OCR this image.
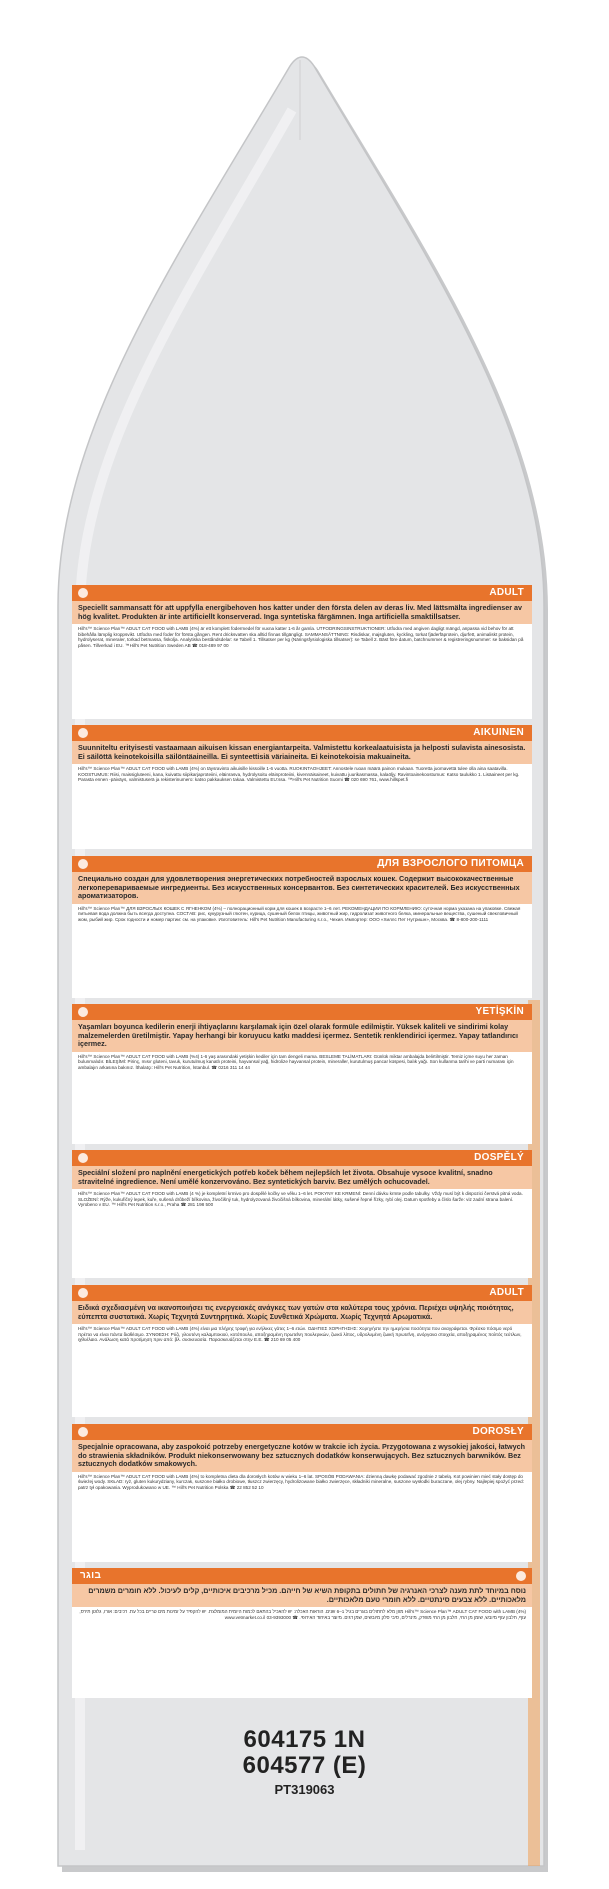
ADULT
Speciellt sammansatt för att uppfylla energibehoven hos katter under den första delen av deras liv. Med lättsmälta ingredienser av hög kvalitet. Produkten är inte artificiellt konserverad. Inga syntetiska färgämnen. Inga artificiella smaktillsatser.
Hill's™ Science Plan™ ADULT CAT FOOD with LAMB (4%) är ett komplett fodermedel för vuxna katter 1-6 år gamla. UTFODRINGSINSTRUKTIONER: Utfodra med angiven dagligt mängd, anpassa vid behov för att bibehålla lämplig kroppsvikt. Utfodra med foder för första gången. Rent dricksvatten ska alltid finnas tillgängligt. SAMMANSÄTTNING: Risdiskar, majsgluten, kyckling, torkat fjäderfäprotein, djurfett, animaliskt protein, hydrolyserat, mineraler, torkad betmassa, fiskolja. Analytiska beståndsdelar: se Tabell 1. Tillsatser per kg (Näringsfysiologiska tillsatser): se Tabell 2. Bäst före datum, batchnummer & registreringsnummer: se baksidan på påsen. Tillverkad i EU. ™Hill's Pet Nutrition Sweden AB ☎ 018-489 97 00
AIKUINEN
Suunniteltu erityisesti vastaamaan aikuisen kissan energiantarpeita. Valmistettu korkealaatuisista ja helposti sulavista ainesosista. Ei säilöttä keinotekoisilla säilöntäaineilla. Ei synteettisiä väriaineita. Ei keinotekoisia makuaineita.
Hill's™ Science Plan™ ADULT CAT FOOD with LAMB (4%) on täysravinto aikuisille kissoille 1-6 vuotta. RUOKINTAOHJEET: Annostele ruoan määrä painon mukaan. Tuoretta juomavettä tulee olla aina saatavilla. KOOSTUMUS: Riisi, maissigluteeni, kana, kuivattu siipikarjaproteiini, eläinrasva, hydrolysoitu eläinproteiini, kivennäisaineet, kuivattu juurikasmassa, kalaöljy. Ravintoainekoostumus: Katso taulukko 1. Lisäaineet per kg. Parasta ennen -päiväys, valmistuserä ja rekisterinumero: katso pakkauksen takaa. Valmistettu EU:ssa. ™Hill's Pet Nutrition Suomi ☎ 020 690 761, www.hillspet.fi
ДЛЯ ВЗРОСЛОГО ПИТОМЦА
Специально создан для удовлетворения энергетических потребностей взрослых кошек. Содержит высококачественные легкоперевариваемые ингредиенты. Без искусственных консервантов. Без синтетических красителей. Без искусственных ароматизаторов.
Hill's™ Science Plan™ ДЛЯ ВЗРОСЛЫХ КОШЕК С ЯГНЕНКОМ (4%) – полнорационный корм для кошек в возрасте 1–6 лет. РЕКОМЕНДАЦИИ ПО КОРМЛЕНИЮ: суточная норма указана на упаковке. Свежая питьевая вода должна быть всегда доступна. СОСТАВ: рис, кукурузный глютен, курица, сушеный белок птицы, животный жир, гидролизат животного белка, минеральные вещества, сушеный свекловичный жом, рыбий жир. Срок годности и номер партии: см. на упаковке. Изготовитель: Hill's Pet Nutrition Manufacturing s.r.o., Чехия. Импортер: ООО «Хиллс Пет Нутришн», Москва. ☎ 8-800-200-1111
YETİŞKİN
Yaşamları boyunca kedilerin enerji ihtiyaçlarını karşılamak için özel olarak formüle edilmiştir. Yüksek kaliteli ve sindirimi kolay malzemelerden üretilmiştir. Yapay herhangi bir koruyucu katkı maddesi içermez. Sentetik renklendirici içermez. Yapay tatlandırıcı içermez.
Hill's™ Science Plan™ ADULT CAT FOOD with LAMB (%4) 1-6 yaş arasındaki yetişkin kediler için tam dengeli mama. BESLEME TALİMATLARI: Günlük miktar ambalajda belirtilmiştir. Temiz içme suyu her zaman bulunmalıdır. BİLEŞİMİ: Pirinç, mısır gluteni, tavuk, kurutulmuş kanatlı proteini, hayvansal yağ, hidrolize hayvansal protein, mineraller, kurutulmuş pancar küspesi, balık yağı. Son kullanma tarihi ve parti numarası için ambalajın arkasına bakınız. İthalatçı: Hill's Pet Nutrition, İstanbul. ☎ 0216 311 14 44
DOSPĚLÝ
Speciální složení pro naplnění energetických potřeb koček během nejlepších let života. Obsahuje vysoce kvalitní, snadno stravitelné ingredience. Není umělé konzervováno. Bez syntetických barviv. Bez umělých ochucovadel.
Hill's™ Science Plan™ ADULT CAT FOOD with LAMB (4 %) je kompletní krmivo pro dospělé kočky ve věku 1–6 let. POKYNY KE KRMENÍ: Denní dávku krmte podle tabulky. Vždy musí být k dispozici čerstvá pitná voda. SLOŽENÍ: Rýže, kukuřičný lepek, kuře, sušená drůbeží bílkovina, živočišný tuk, hydrolyzovaná živočišná bílkovina, minerální látky, sušené řepné řízky, rybí olej. Datum spotřeby a číslo šarže: viz zadní strana balení. Vyrobeno v EU. ™ Hill's Pet Nutrition s.r.o., Praha ☎ 281 198 500
ADULT
Ειδικά σχεδιασμένη να ικανοποιήσει τις ενεργειακές ανάγκες των γατών στα καλύτερα τους χρόνια. Περιέχει υψηλής ποιότητας, εύπεπτα συστατικά. Χωρίς Τεχνητά Συντηρητικά. Χωρίς Συνθετικά Χρώματα. Χωρίς Τεχνητά Αρωματικά.
Hill's™ Science Plan™ ADULT CAT FOOD with LAMB (4%) είναι μια πλήρης τροφή για ενήλικες γάτες 1–6 ετών. ΟΔΗΓΙΕΣ ΧΟΡΗΓΗΣΗΣ: Χορηγήστε την ημερήσια ποσότητα που αναγράφεται. Φρέσκο πόσιμο νερό πρέπει να είναι πάντα διαθέσιμο. ΣΥΝΘΕΣΗ: Ρύζι, γλουτένη καλαμποκιού, κοτόπουλο, αποξηραμένη πρωτεΐνη πουλερικών, ζωικό λίπος, υδρολυμένη ζωική πρωτεΐνη, ανόργανα στοιχεία, αποξηραμένος πολτός τεύτλων, ιχθυέλαιο. Ανάλωση κατά προτίμηση πριν από: βλ. συσκευασία. Παρασκευάζεται στην Ε.Ε. ☎ 210 69 05 400
DOROSŁY
Specjalnie opracowana, aby zaspokoić potrzeby energetyczne kotów w trakcie ich życia. Przygotowana z wysokiej jakości, łatwych do strawienia składników. Produkt niekonserwowany bez sztucznych dodatków konserwujących. Bez sztucznych barwników. Bez sztucznych dodatków smakowych.
Hill's™ Science Plan™ ADULT CAT FOOD with LAMB (4%) to kompletna dieta dla dorosłych kotów w wieku 1–6 lat. SPOSÓB PODAWANIA: dzienną dawkę podawać zgodnie z tabelą. Kot powinien mieć stały dostęp do świeżej wody. SKŁAD: ryż, gluten kukurydziany, kurczak, suszone białko drobiowe, tłuszcz zwierzęcy, hydrolizowane białko zwierzęce, składniki mineralne, suszone wysłodki buraczane, olej rybny. Najlepiej spożyć przed: patrz tył opakowania. Wyprodukowano w UE. ™ Hill's Pet Nutrition Polska ☎ 22 852 52 10
בוגר
נוסח במיוחד לתת מענה לצרכי האנרגיה של חתולים בתקופת השיא של חייהם. מכיל מרכיבים איכותיים, קלים לעיכול. ללא חומרים משמרים מלאכותיים. ללא צבעים סינתטיים. ללא חומרי טעם מלאכותיים.
Hill's™ Science Plan™ ADULT CAT FOOD with LAMB (4%) מזון מלא לחתולים בוגרים בגיל 1–6 שנים. הוראות האכלה: יש להאכיל בהתאם לכמות היומית המומלצת. יש להקפיד על זמינות מים טריים בכל עת. רכיבים: אורז, גלוטן תירס, עוף, חלבון עוף מיובש, שומן מן החי, חלבון מן החי מופרק, מינרלים, סיבי סלק מיובשים, שמן דגים. מיוצר באיחוד האירופי. ☎ 03-9393000 www.vetmarket.co.il
604175 1N
604577 (E)
PT319063
